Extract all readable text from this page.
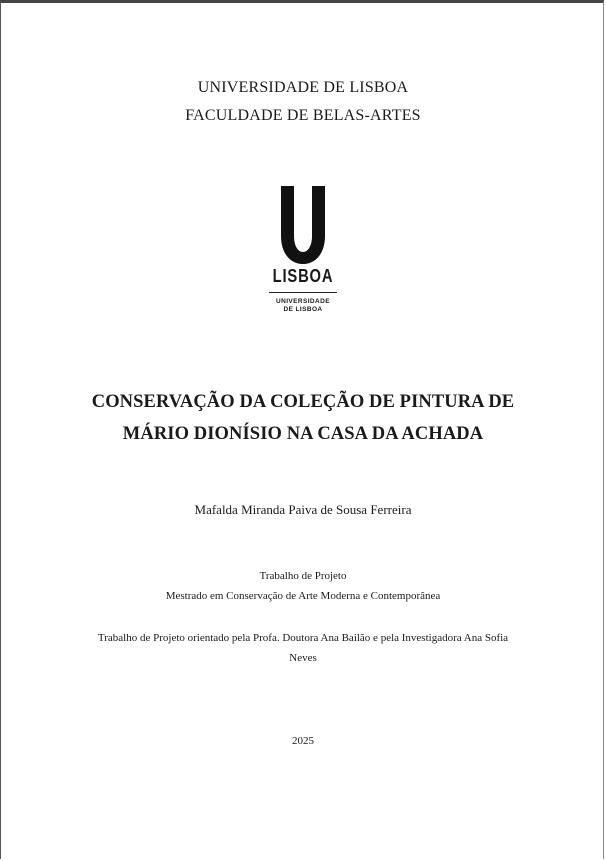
UNIVERSIDADE DE LISBOA
FACULDADE DE BELAS-ARTES
LISBOA
UNIVERSIDADE
DE LISBOA
CONSERVAÇÃO DA COLEÇÃO DE PINTURA DE
MÁRIO DIONÍSIO NA CASA DA ACHADA
Mafalda Miranda Paiva de Sousa Ferreira
Trabalho de Projeto
Mestrado em Conservação de Arte Moderna e Contemporânea
Trabalho de Projeto orientado pela Profa. Doutora Ana Bailão e pela Investigadora Ana Sofia Neves
2025
